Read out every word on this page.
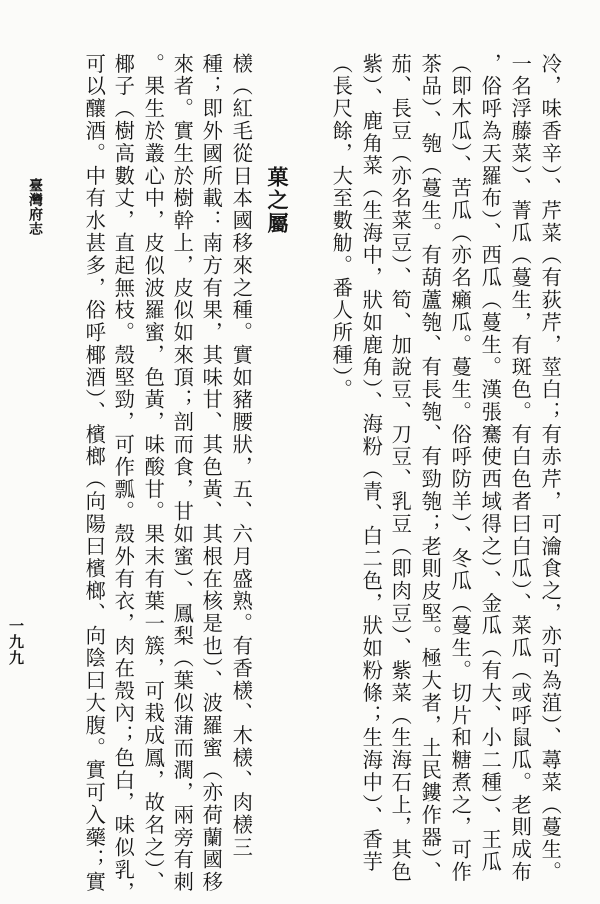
冷，味香辛）、芹菜（有荻芹，莖白；有赤芹，可瀹食之，亦可為菹）、蕁菜（蔓生。
一名浮藤菜）、菁瓜（蔓生，有斑色。有白色者曰白瓜）、菜瓜（或呼鼠瓜。老則成布
，俗呼為天羅布）、西瓜（蔓生。漢張騫使西域得之）、金瓜（有大、小二種）、王瓜
（即木瓜）、苦瓜（亦名癩瓜。蔓生。俗呼防羊）、冬瓜（蔓生。切片和糖煮之，可作
茶品）、匏（蔓生。有葫蘆匏、有長匏、有勁匏；老則皮堅。極大者，土民鏤作器）、
茄、長豆（亦名菜豆）、筍、加說豆、刀豆、乳豆（即肉豆）、紫菜（生海石上，其色
紫）、鹿角菜（生海中，狀如鹿角）、海粉（青、白二色，狀如粉條；生海中）、香芋
（長尺餘，大至數觔。番人所種）。
菓之屬
檨（紅毛從日本國移來之種。實如豬腰狀，五、六月盛熟。有香檨、木檨、肉檨三
種；即外國所載：南方有果，其味甘、其色黃、其根在核是也）、波羅蜜（亦荷蘭國移
來者。實生於樹幹上，皮似如來頂；剖而食，甘如蜜）、鳳梨（葉似蒲而濶，兩旁有刺
。果生於叢心中，皮似波羅蜜，色黃，味酸甘。果末有葉一簇，可栽成鳳，故名之）、
椰子（樹高數丈，直起無枝。殼堅勁，可作瓢。殼外有衣，肉在殼內；色白，味似乳，
可以釀酒。中有水甚多，俗呼椰酒）、檳榔（向陽曰檳榔、向陰曰大腹。實可入藥；實
臺灣府志
一九九
